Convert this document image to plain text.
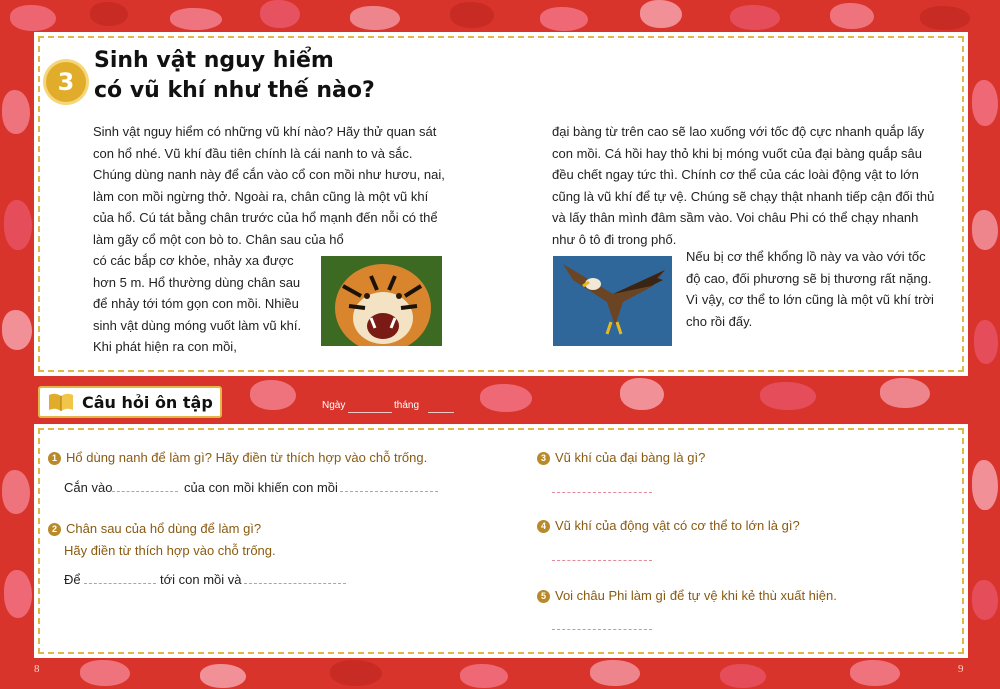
3
Sinh vật nguy hiểm
có vũ khí như thế nào?
Sinh vật nguy hiểm có những vũ khí nào? Hãy thử quan sát con hổ nhé. Vũ khí đầu tiên chính là cái nanh to và sắc. Chúng dùng nanh này để cắn vào cổ con mồi như hươu, nai, làm con mồi ngừng thở. Ngoài ra, chân cũng là một vũ khí của hổ. Cú tát bằng chân trước của hổ mạnh đến nỗi có thể làm gãy cổ một con bò to. Chân sau của hổ
có các bắp cơ khỏe, nhảy xa được hơn 5 m. Hổ thường dùng chân sau để nhảy tới tóm gọn con mồi. Nhiều sinh vật dùng móng vuốt làm vũ khí. Khi phát hiện ra con mồi,
đại bàng từ trên cao sẽ lao xuống với tốc độ cực nhanh quắp lấy con mồi. Cá hồi hay thỏ khi bị móng vuốt của đại bàng quắp sâu đều chết ngay tức thì. Chính cơ thể của các loài động vật to lớn cũng là vũ khí để tự vệ. Chúng sẽ chạy thật nhanh tiếp cận đối thủ và lấy thân mình đâm sầm vào. Voi châu Phi có thể chạy nhanh như ô tô đi trong phố.
Nếu bị cơ thể khổng lồ này va vào với tốc độ cao, đối phương sẽ bị thương rất nặng. Vì vậy, cơ thể to lớn cũng là một vũ khí trời cho rồi đấy.
Câu hỏi ôn tập	Ngày	tháng
1 Hổ dùng nanh để làm gì? Hãy điền từ thích hợp vào chỗ trống.
Cắn vào	của con mồi khiến con mồi
2 Chân sau của hổ dùng để làm gì?
Hãy điền từ thích hợp vào chỗ trống.
Để	tới con mồi và
3 Vũ khí của đại bàng là gì?
4 Vũ khí của động vật có cơ thể to lớn là gì?
5 Voi châu Phi làm gì để tự vệ khi kẻ thù xuất hiện.
8	9
